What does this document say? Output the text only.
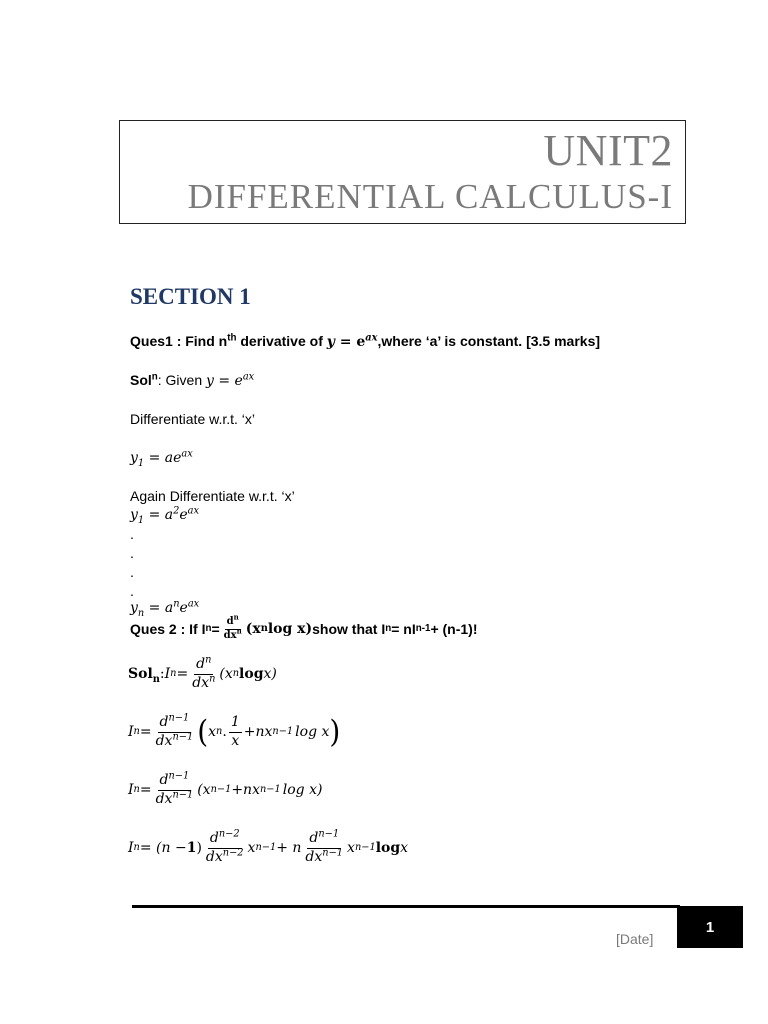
UNIT2
DIFFERENTIAL CALCULUS-I
SECTION 1
Ques1 : Find $n^{th}$ derivative of $y = e^{ax},where$ ‘a’ is constant. [3.5 marks]
Sol$^n$: Given $y = e^{ax}$
Differentiate w.r.t. ‘x’
$y_1 = ae^{ax}$
Again Differentiate w.r.t. ‘x’
$y_1 = a^2e^{ax}$
.
.
.
.
$y_n = a^ne^{ax}$
Ques 2 : If I $n = \frac{d^n}{dx^n} (x$ n log x) show that I n = nI n-1 + (n-1)!
Sol$_n$ : I $n = \frac{d^n}{dx^n} (x$ n log x)
I $n = \frac{d^{n-1}}{dx^{n-1}}$ ( x n . $\frac{1}{x} +nx$ n−1 log x )
I $n = \frac{d^{n-1}}{dx^{n-1}} (x$ n−1 +nx n−1 log x)
I n = (n − 1 ) $\frac{d^{n-2}}{dx^{n-2}}$ x n−1 + n $\frac{d^{n-1}}{dx^{n-1}}$ x n−1 log x
[Date]
1
